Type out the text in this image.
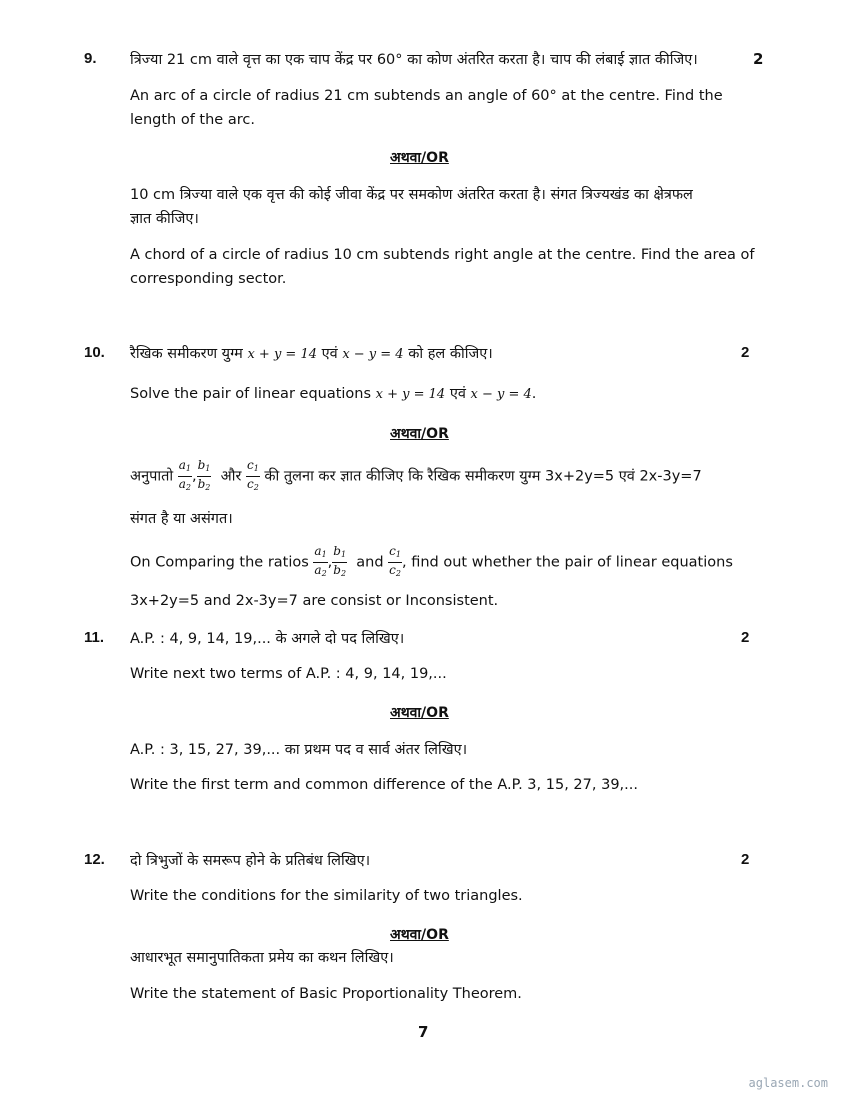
9. त्रिज्या 21 cm वाले वृत्त का एक चाप केंद्र पर 60° का कोण अंतरित करता है। चाप की लंबाई ज्ञात कीजिए।	2
An arc of a circle of radius 21 cm subtends an angle of 60° at the centre. Find the
length of the arc.
अथवा/OR
10 cm त्रिज्या वाले एक वृत्त की कोई जीवा केंद्र पर समकोण अंतरित करता है। संगत त्रिज्यखंड का क्षेत्रफल
ज्ञात कीजिए।
A chord of a circle of radius 10 cm subtends right angle at the centre. Find the area of
corresponding sector.
10. रैखिक समीकरण युग्म x + y = 14 एवं x − y = 4 को हल कीजिए।	2
Solve the pair of linear equations x + y = 14 एवं x − y = 4.
अथवा/OR
अनुपातो $\frac{a_1}{a_2}$ , $\frac{b_1}{b_2}$ और $\frac{c_1}{c_2}$ की तुलना कर ज्ञात कीजिए कि रैखिक समीकरण युग्म 3x+2y=5 एवं 2x-3y=7
संगत है या असंगत।
On Comparing the ratios $\frac{a_1}{a_2}$ , $\frac{b_1}{b_2}$ and $\frac{c_1}{c_2}$ , find out whether the pair of linear equations
3x+2y=5 and 2x-3y=7 are consist or Inconsistent.
11. A.P. : 4, 9, 14, 19,... के अगले दो पद लिखिए।	2
Write next two terms of A.P. : 4, 9, 14, 19,...
अथवा/OR
A.P. : 3, 15, 27, 39,... का प्रथम पद व सार्व अंतर लिखिए।
Write the first term and common difference of the A.P. 3, 15, 27, 39,...
12. दो त्रिभुजों के समरूप होने के प्रतिबंध लिखिए।	2
Write the conditions for the similarity of two triangles.
अथवा/OR
आधारभूत समानुपातिकता प्रमेय का कथन लिखिए।
Write the statement of Basic Proportionality Theorem.
7
aglasem.com
